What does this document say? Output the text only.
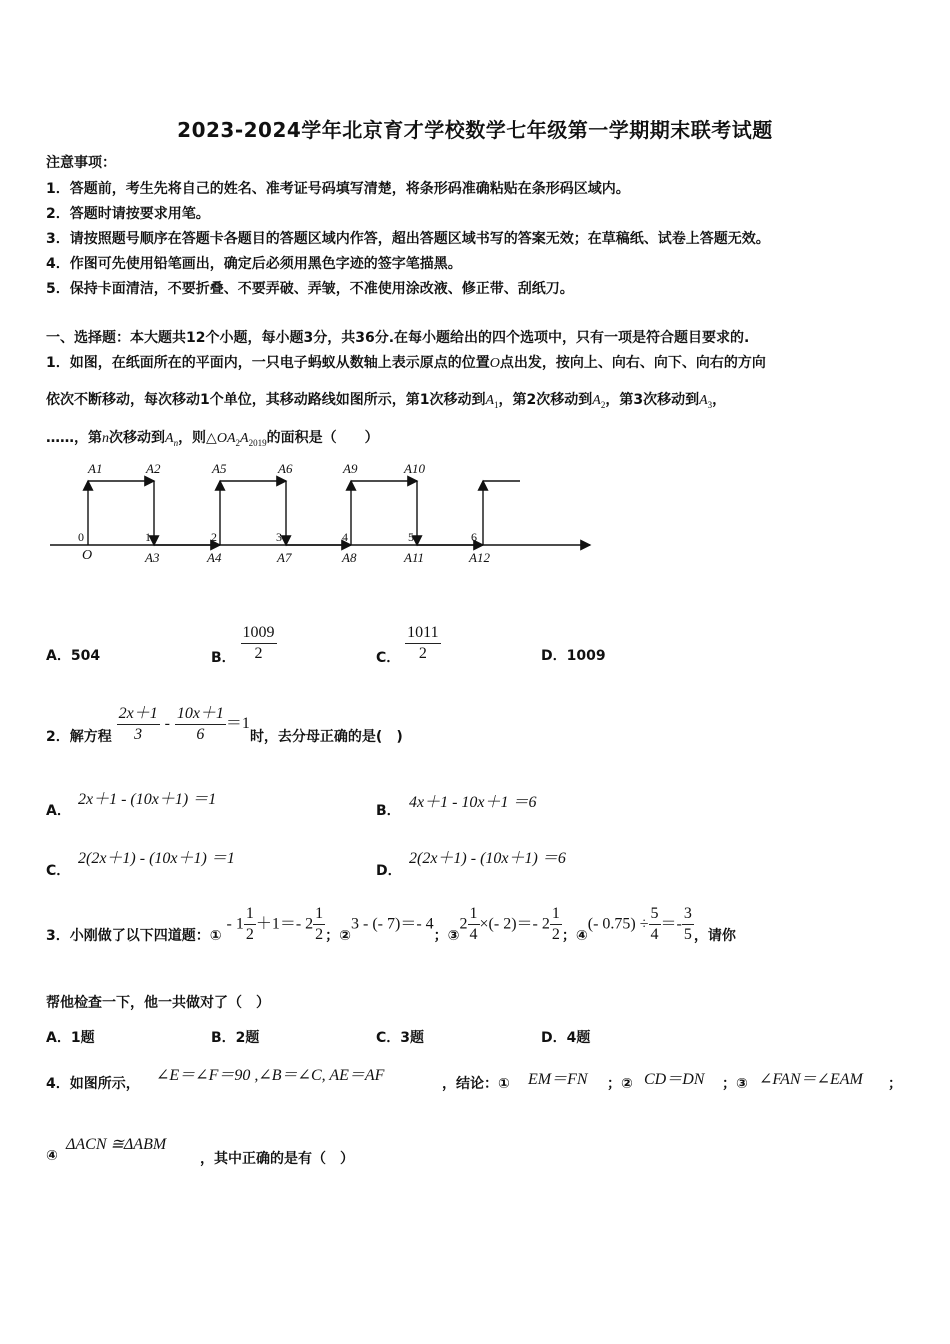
2023-2024学年北京育才学校数学七年级第一学期期末联考试题
注意事项：
1．答题前，考生先将自己的姓名、准考证号码填写清楚，将条形码准确粘贴在条形码区域内。
2．答题时请按要求用笔。
3．请按照题号顺序在答题卡各题目的答题区域内作答，超出答题区域书写的答案无效；在草稿纸、试卷上答题无效。
4．作图可先使用铅笔画出，确定后必须用黑色字迹的签字笔描黑。
5．保持卡面清洁，不要折叠、不要弄破、弄皱，不准使用涂改液、修正带、刮纸刀。
一、选择题：本大题共12个小题，每小题3分，共36分.在每小题给出的四个选项中，只有一项是符合题目要求的.
1．如图，在纸面所在的平面内，一只电子蚂蚁从数轴上表示原点的位置O点出发，按向上、向右、向下、向右的方向
依次不断移动，每次移动1个单位，其移动路线如图所示，第1次移动到$A_1$，第2次移动到$A_2$，第3次移动到$A_3$，
……，第n次移动到$A_n$，则$\triangle OA_2A_{2019}$的面积是（　　）
A1	A2	A5	A6	A9	A10
A3	A4	A7	A8	A11	A12
0	1	2	3	4	5	6
O
A．504	B． $\frac{1009}{2}$	C． $\frac{1011}{2}$	D．1009
2．解方程 $\frac{2x+1}{3} - \frac{10x+1}{6} =1$时，去分母正确的是(　)
A．
2x＋1 - (10x＋1) ＝1
B． 4x＋1 - 10x＋1 ＝6
C．
2(2x＋1) - (10x＋1) ＝1
D．
2(2x＋1) - (10x＋1) ＝6
3．小刚做了以下四道题：① - $1 \frac{1}{2} +1=-$ $2 \frac{1}{2}$ ；②3 - (- 7)＝- 4；③2 $\frac{1}{4}$ ×(- 2)＝- $2 \frac{1}{2}$ ；④(- $0.75) \div \frac{5}{4} =- \frac{3}{5}$ ，请你
帮他检查一下，他一共做对了（　）
A．1题	B．2题	C．3题	D．4题
4．如图所示， ∠E＝∠F＝90 ,∠B＝∠C, AE＝AF	，结论：① EM＝FN ；② CD＝DN ；③ ∠FAN＝∠EAM ；
④
ΔACN ≅ΔABM
，其中正确的是有（　）
